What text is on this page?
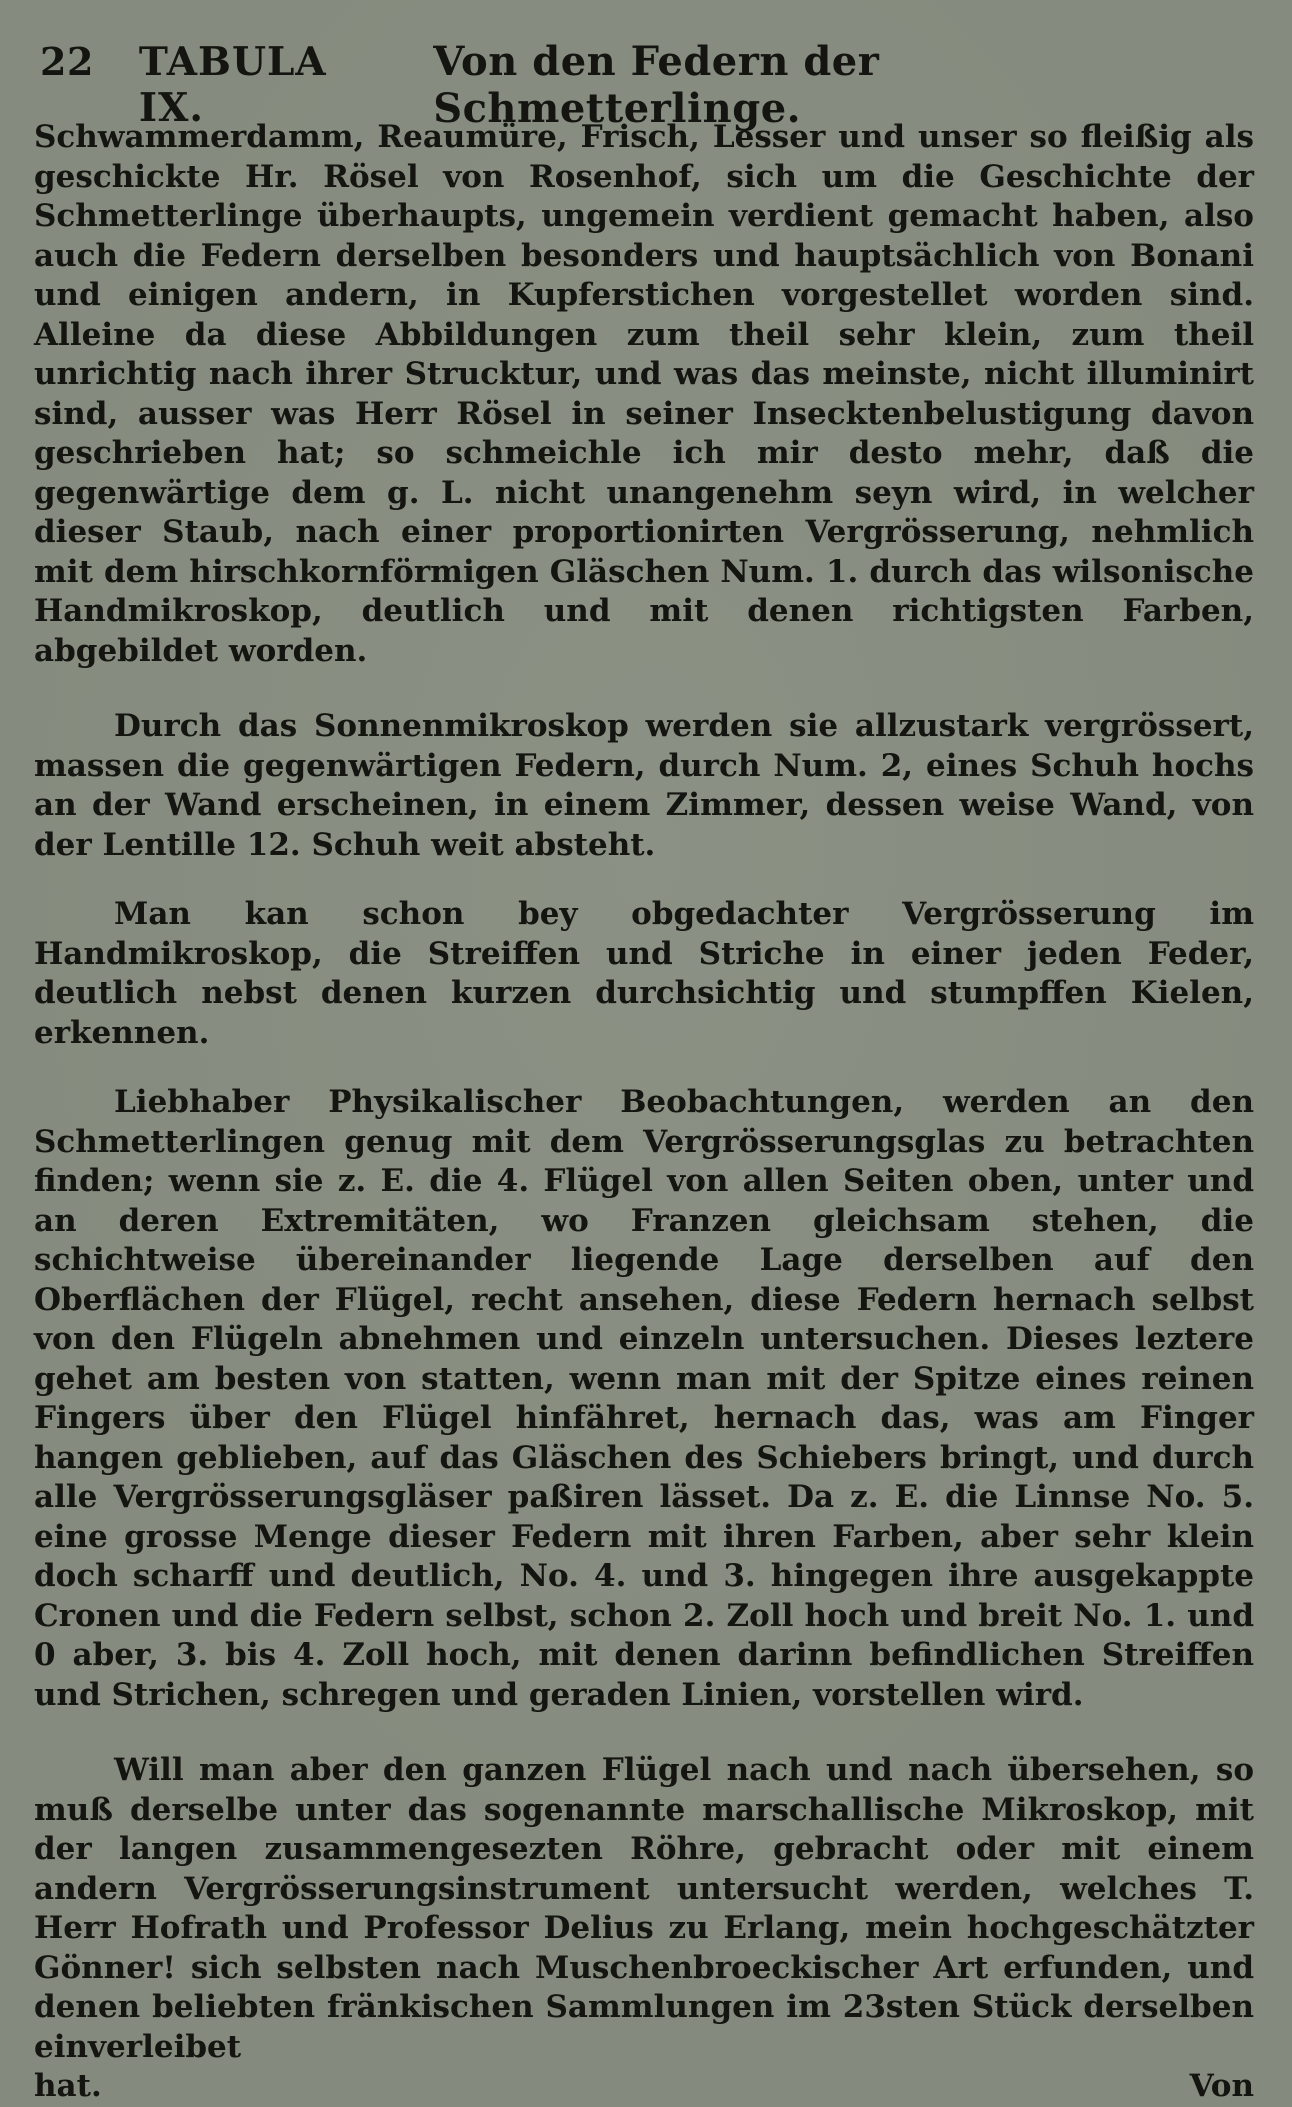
22	TABULA IX.
Von den Federn der Schmetterlinge.

Schwammerdamm, Reaumüre, Frisch, Lesser und unser so fleißig als geschickte Hr. Rösel von Rosenhof, sich um die Geschichte der Schmetterlinge überhaupts, ungemein verdient gemacht haben, also auch die Federn derselben besonders und hauptsächlich von Bonani und einigen andern, in Kupferstichen vorgestellet worden sind. Alleine da diese Abbildungen zum theil sehr klein, zum theil unrichtig nach ihrer Strucktur, und was das meinste, nicht illuminirt sind, ausser was Herr Rösel in seiner Insecktenbelustigung davon geschrieben hat; so schmeichle ich mir desto mehr, daß die gegenwärtige dem g. L. nicht unangenehm seyn wird, in welcher dieser Staub, nach einer proportionirten Vergrösserung, nehmlich mit dem hirschkornförmigen Gläschen Num. 1. durch das wilsonische Handmikroskop, deutlich und mit denen richtigsten Farben, abgebildet worden.

Durch das Sonnenmikroskop werden sie allzustark vergrössert, massen die gegenwärtigen Federn, durch Num. 2, eines Schuh hochs an der Wand erscheinen, in einem Zimmer, dessen weise Wand, von der Lentille 12. Schuh weit absteht.

Man kan schon bey obgedachter Vergrösserung im Handmikroskop, die Streiffen und Striche in einer jeden Feder, deutlich nebst denen kurzen durchsichtig und stumpffen Kielen, erkennen.

Liebhaber Physikalischer Beobachtungen, werden an den Schmetterlingen genug mit dem Vergrösserungsglas zu betrachten finden; wenn sie z. E. die 4. Flügel von allen Seiten oben, unter und an deren Extremitäten, wo Franzen gleichsam stehen, die schichtweise übereinander liegende Lage derselben auf den Oberflächen der Flügel, recht ansehen, diese Federn hernach selbst von den Flügeln abnehmen und einzeln untersuchen. Dieses leztere gehet am besten von statten, wenn man mit der Spitze eines reinen Fingers über den Flügel hinfähret, hernach das, was am Finger hangen geblieben, auf das Gläschen des Schiebers bringt, und durch alle Vergrösserungsgläser paßiren lässet. Da z. E. die Linnse No. 5. eine grosse Menge dieser Federn mit ihren Farben, aber sehr klein doch scharff und deutlich, No. 4. und 3. hingegen ihre ausgekappte Cronen und die Federn selbst, schon 2. Zoll hoch und breit No. 1. und 0 aber, 3. bis 4. Zoll hoch, mit denen darinn befindlichen Streiffen und Strichen, schregen und geraden Linien, vorstellen wird.

Will man aber den ganzen Flügel nach und nach übersehen, so muß derselbe unter das sogenannte marschallische Mikroskop, mit der langen zusammengesezten Röhre, gebracht oder mit einem andern Vergrösserungsinstrument untersucht werden, welches T. Herr Hofrath und Professor Delius zu Erlang, mein hochgeschätzter Gönner! sich selbsten nach Muschenbroeckischer Art erfunden, und denen beliebten fränkischen Sammlungen im 23sten Stück derselben einverleibet

hat.	Von
